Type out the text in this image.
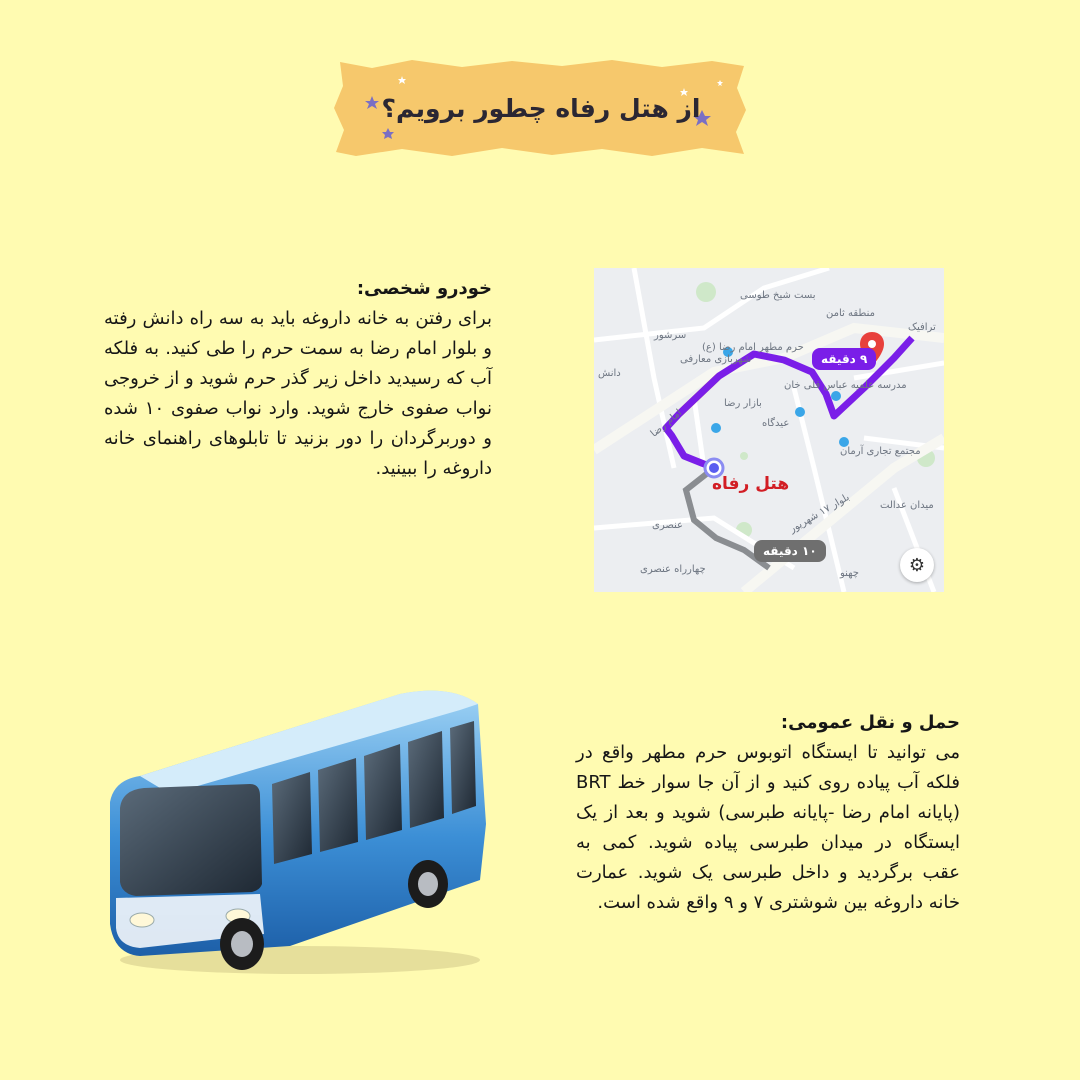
از هتل رفاه چطور برویم؟
خودرو شخصی:
برای رفتن به خانه داروغه باید به سه راه دانش رفته و بلوار امام رضا به سمت حرم را طی کنید. به فلکه آب که رسیدید داخل زیر گذر حرم شوید و از خروجی نواب صفوی خارج شوید. وارد نواب صفوی ۱۰ شده و دوربرگردان را دور بزنید تا تابلوهای راهنمای خانه داروغه را ببینید.
۹ دقیقه
۱۰ دقیقه
هتل رفاه
بست شیخ طوسی
منطقه ثامن
سرشور
حرم مطهر امام رضا (ع)
شهربازی معارفی
مدرسه علمیه عباس قلی خان
عیدگاه
بازار رضا
مجتمع تجاری آرمان
دانش
امام رضا
بلوار ۱۷ شهریور
عنصری
میدان عدالت
چهارراه عنصری	چهنو
ترافیک
⚙
حمل و نقل عمومی:
می توانید تا ایستگاه اتوبوس حرم مطهر واقع در فلکه آب پیاده روی کنید و از آن جا سوار خط BRT (پایانه امام رضا -پایانه طبرسی) شوید و بعد از یک ایستگاه در میدان طبرسی پیاده شوید. کمی به عقب برگردید و داخل طبرسی یک شوید. عمارت خانه داروغه بین شوشتری ۷ و ۹ واقع شده است.
